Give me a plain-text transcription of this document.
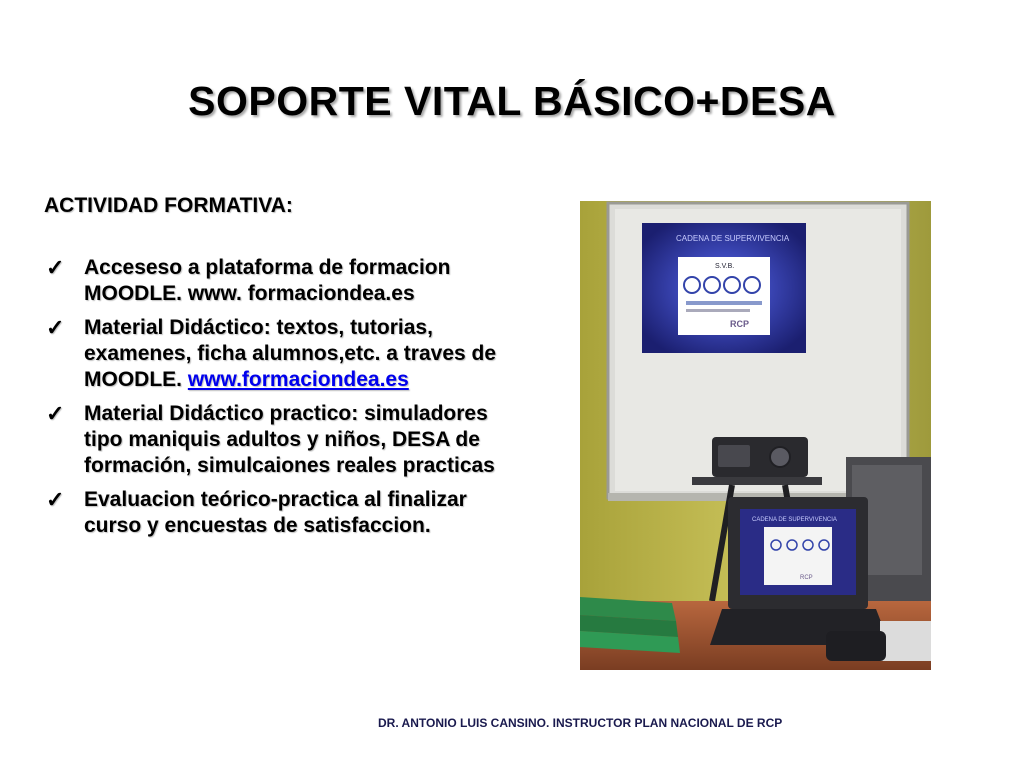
SOPORTE VITAL BÁSICO+DESA
ACTIVIDAD FORMATIVA:
✓ Acceseso a plataforma de formacion MOODLE. www. formaciondea.es
✓ Material Didáctico: textos, tutorias, examenes, ficha alumnos,etc. a traves de MOODLE. www.formaciondea.es
✓ Material Didáctico practico: simuladores tipo maniquis adultos y niños, DESA de formación, simulcaiones reales practicas
✓ Evaluacion teórico-practica al finalizar curso y encuestas de satisfaccion.
CADENA DE SUPERVIVENCIA
S.V.B.
RCP
CADENA DE SUPERVIVENCIA
RCP
DR. ANTONIO LUIS CANSINO. INSTRUCTOR PLAN NACIONAL DE RCP
